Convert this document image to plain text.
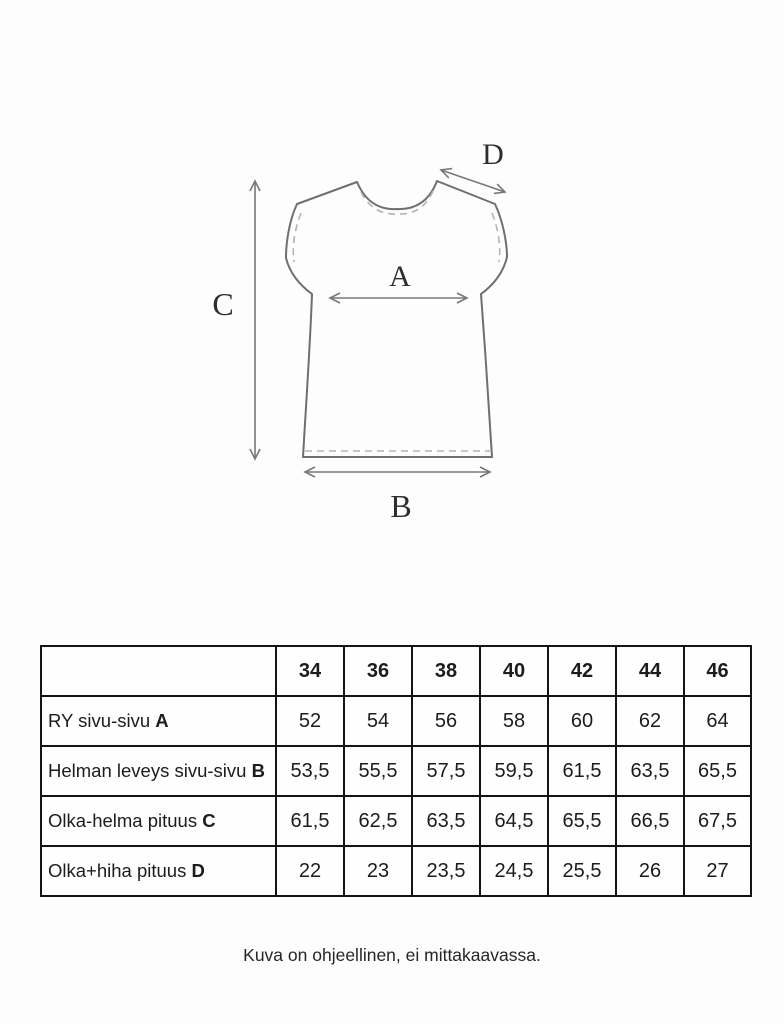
A
B
C
D
	34	36	38	40	42	44	46
RY sivu-sivu A	52	54	56	58	60	62	64
Helman leveys sivu-sivu B	53,5	55,5	57,5	59,5	61,5	63,5	65,5
Olka-helma pituus C	61,5	62,5	63,5	64,5	65,5	66,5	67,5
Olka+hiha pituus D	22	23	23,5	24,5	25,5	26	27
Kuva on ohjeellinen, ei mittakaavassa.
